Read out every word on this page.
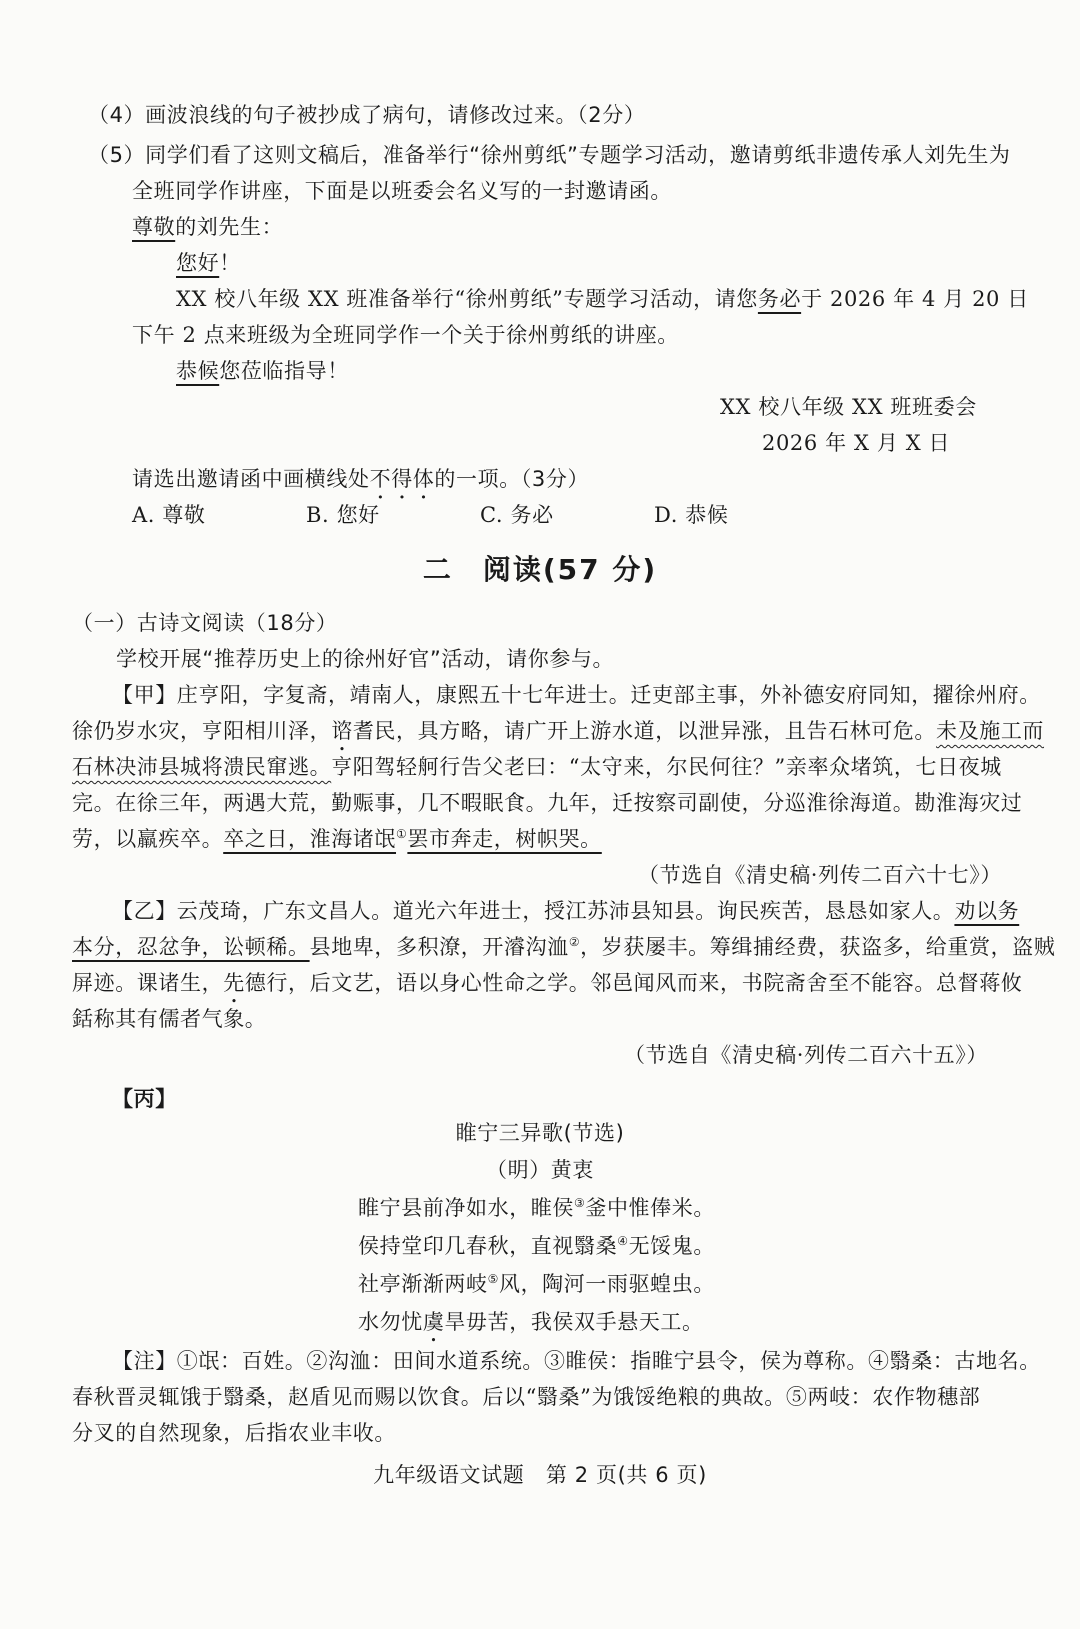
（4）画波浪线的句子被抄成了病句，请修改过来。（2分）
（5）同学们看了这则文稿后，准备举行“徐州剪纸”专题学习活动，邀请剪纸非遗传承人刘先生为
全班同学作讲座，下面是以班委会名义写的一封邀请函。
尊敬的刘先生：
您好！
XX 校八年级 XX 班准备举行“徐州剪纸”专题学习活动，请您务必于 2026 年 4 月 20 日
下午 2 点来班级为全班同学作一个关于徐州剪纸的讲座。
恭候您莅临指导！
XX 校八年级 XX 班班委会
2026 年 X 月 X 日
请选出邀请函中画横线处不得体的一项。（3分）
A. 尊敬	B. 您好	C. 务必	D. 恭候
二　阅读(57 分)
（一）古诗文阅读（18分）
学校开展“推荐历史上的徐州好官”活动，请你参与。
【甲】庄亨阳，字复斋，靖南人，康熙五十七年进士。迁吏部主事，外补德安府同知，擢徐州府。
徐仍岁水灾，亨阳相川泽，谘耆民，具方略，请广开上游水道，以泄异涨，且告石林可危。未及施工而
石林决沛县城将溃民窜逃。亨阳驾轻舸行告父老曰：“太守来，尔民何往？”亲率众堵筑，七日夜城
完。在徐三年，两遇大荒，勤赈事，几不暇眠食。九年，迁按察司副使，分巡淮徐海道。勘淮海灾过
劳，以羸疾卒。卒之日，淮海诸氓①罢市奔走，树帜哭。
（节选自《清史稿·列传二百六十七》）
【乙】云茂琦，广东文昌人。道光六年进士，授江苏沛县知县。询民疾苦，恳恳如家人。劝以务
本分，忍忿争，讼顿稀。县地卑，多积潦，开濬沟洫②，岁获屡丰。筹缉捕经费，获盗多，给重赏，盗贼
屏迹。课诸生，先德行，后文艺，语以身心性命之学。邻邑闻风而来，书院斋舍至不能容。总督蒋攸
銛称其有儒者气象。
（节选自《清史稿·列传二百六十五》）
【丙】
睢宁三异歌(节选)
（明）黄衷
睢宁县前净如水，睢侯③釜中惟俸米。
侯持堂印几春秋，直视翳桑④无馁鬼。
社亭渐渐两岐⑤风，陶河一雨驱蝗虫。
水勿忧虞旱毋苦，我侯双手悬天工。
【注】①氓：百姓。②沟洫：田间水道系统。③睢侯：指睢宁县令，侯为尊称。④翳桑：古地名。
春秋晋灵辄饿于翳桑，赵盾见而赐以饮食。后以“翳桑”为饿馁绝粮的典故。⑤两岐：农作物穗部
分叉的自然现象，后指农业丰收。
九年级语文试题　第 2 页(共 6 页)
